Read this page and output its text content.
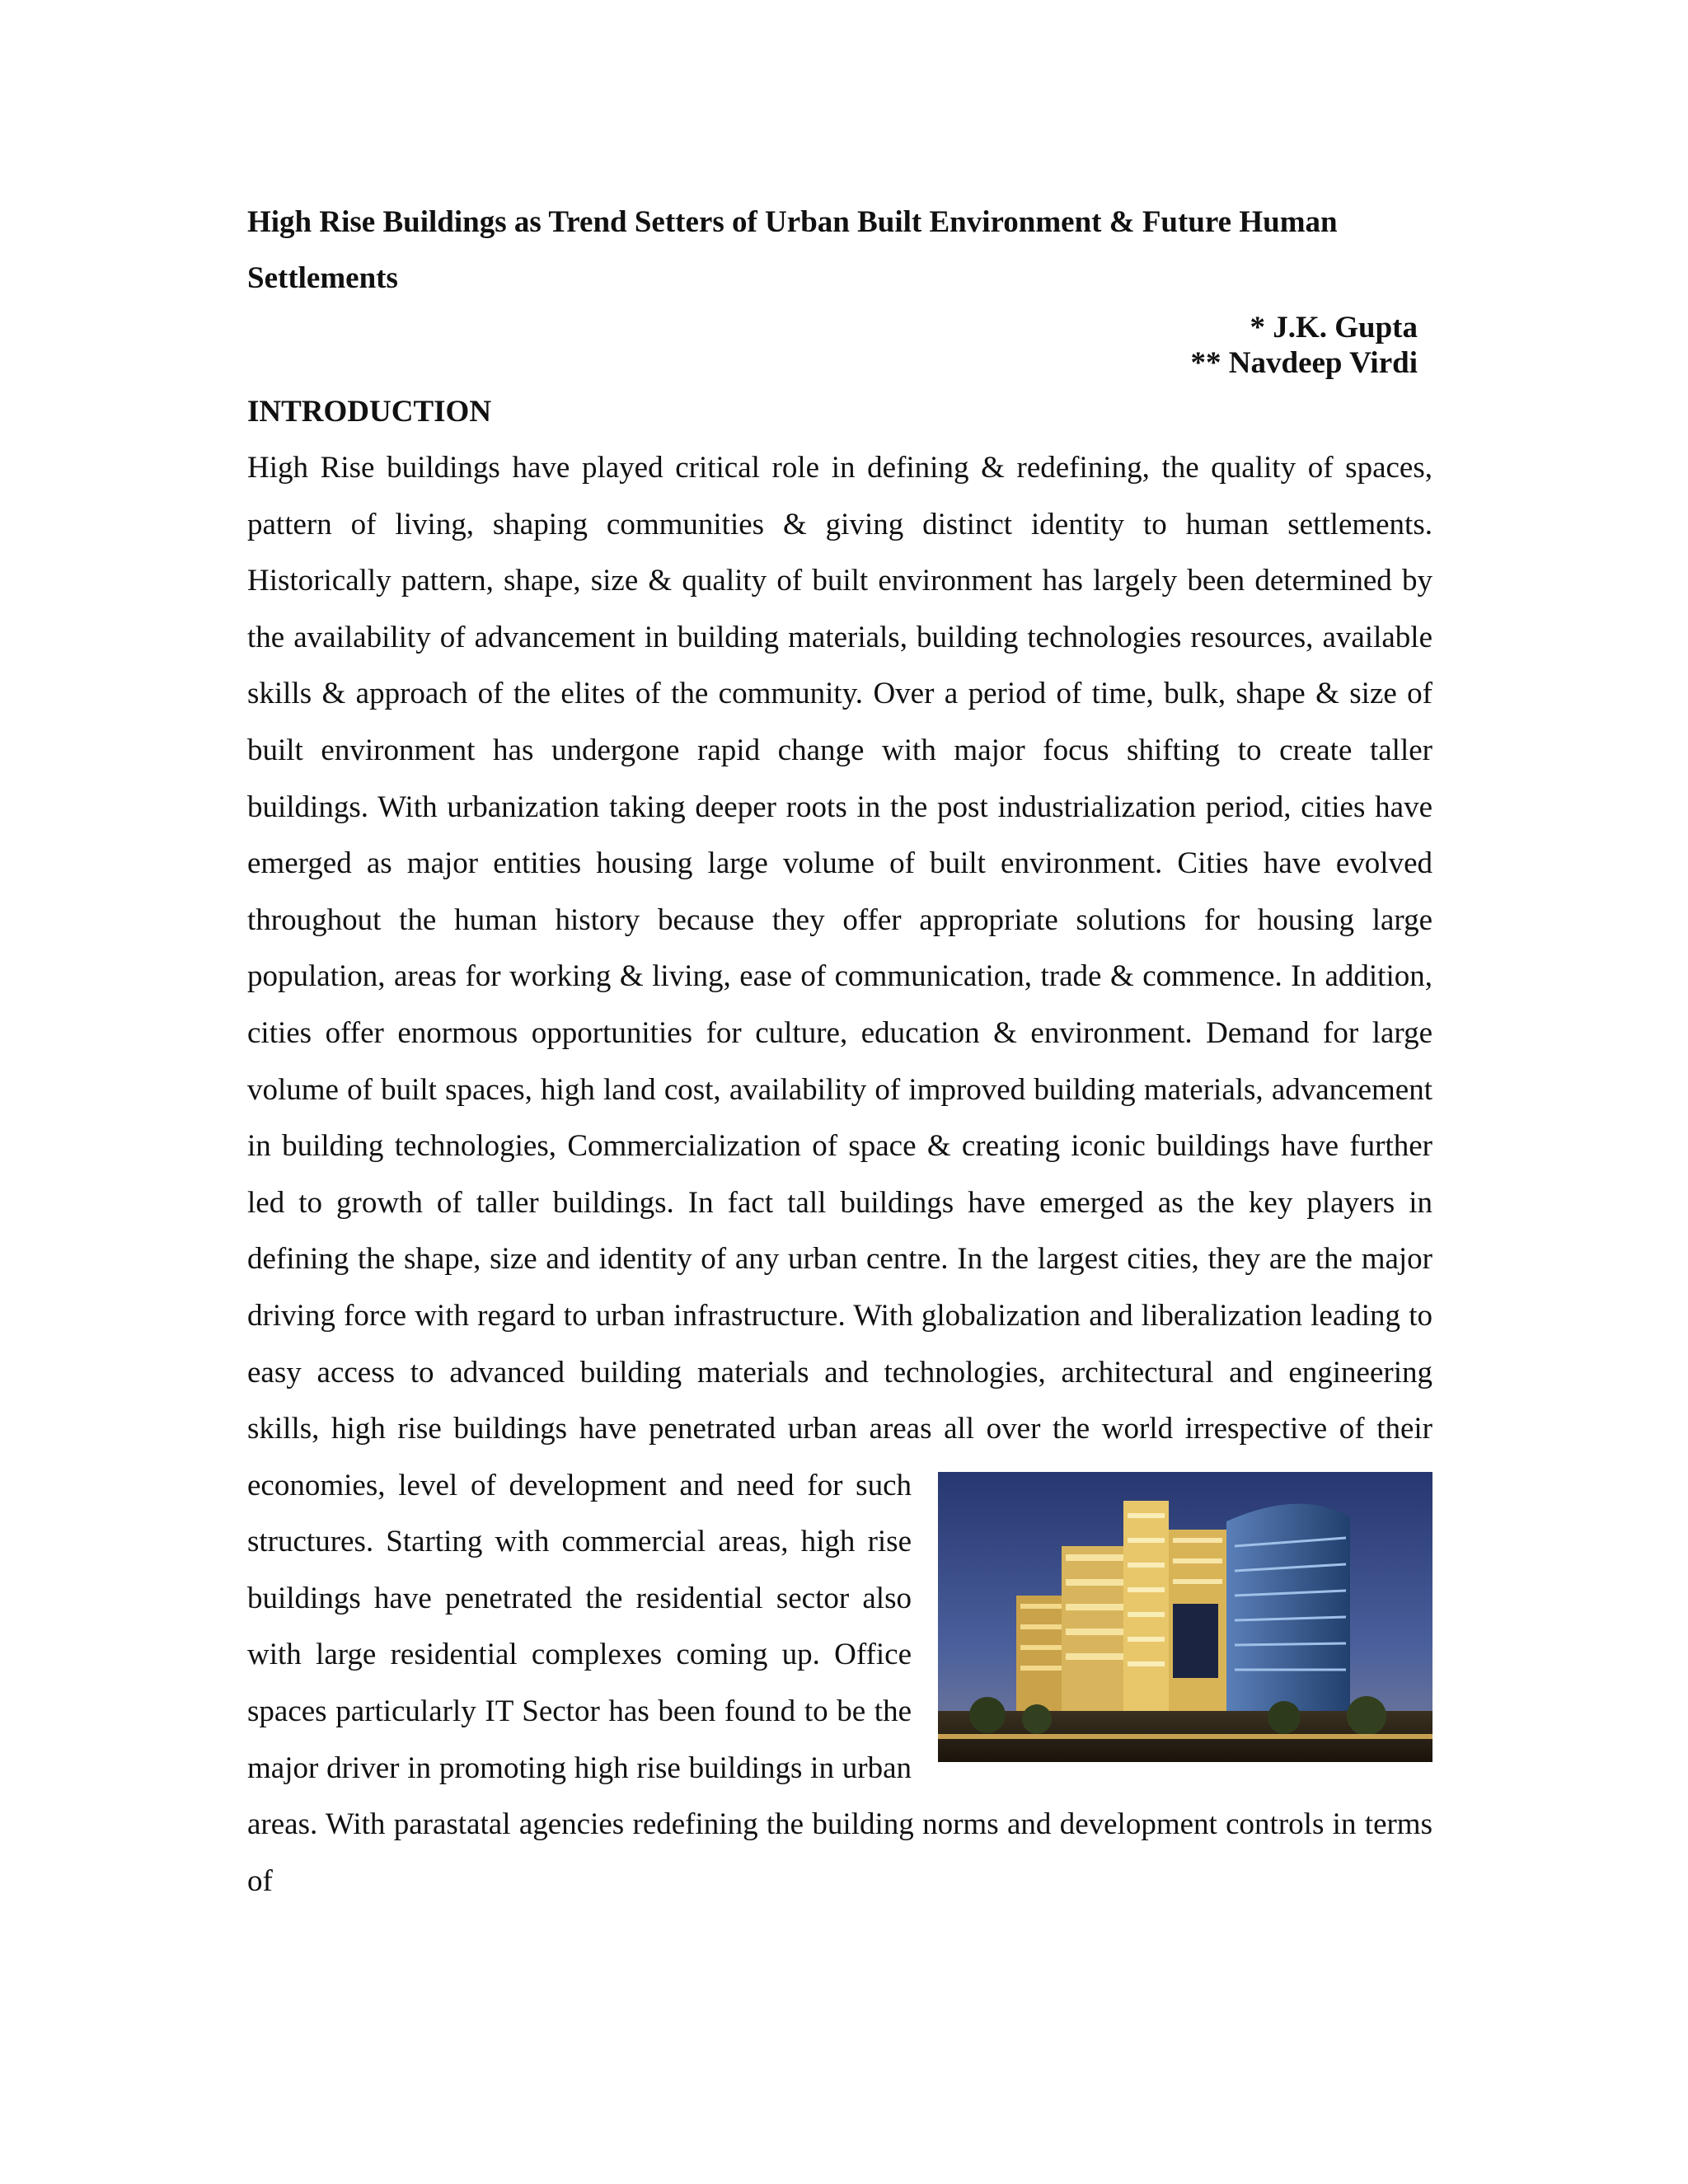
High Rise Buildings as Trend Setters of Urban Built Environment & Future Human Settlements
* J.K. Gupta
** Navdeep Virdi
INTRODUCTION
High Rise buildings have played critical role in defining & redefining, the quality of spaces, pattern of living, shaping communities & giving distinct identity to human settlements. Historically pattern, shape, size & quality of built environment has largely been determined by the availability of advancement in building materials, building technologies resources, available skills & approach of the elites of the community. Over a period of time, bulk, shape & size of built environment has undergone rapid change with major focus shifting to create taller buildings. With urbanization taking deeper roots in the post industrialization period, cities have emerged as major entities housing large volume of built environment. Cities have evolved throughout the human history because they offer appropriate solutions for housing large population, areas for working & living, ease of communication, trade & commence. In addition, cities offer enormous opportunities for culture, education & environment. Demand for large volume of built spaces, high land cost, availability of improved building materials, advancement in building technologies, Commercialization of space & creating iconic buildings have further led to growth of taller buildings. In fact tall buildings have emerged as the key players in defining the shape, size and identity of any urban centre. In the largest cities, they are the major driving force with regard to urban infrastructure. With globalization and liberalization leading to easy access to advanced building materials and technologies, architectural and engineering skills, high rise buildings have penetrated urban areas all over the world irrespective of their economies, level of development and need for such structures. Starting with commercial areas, high rise buildings have penetrated the residential sector also with large residential complexes coming up. Office spaces particularly IT Sector has been found to be the major driver in promoting high rise buildings in urban areas. With parastatal agencies redefining the building norms and development controls in terms of
